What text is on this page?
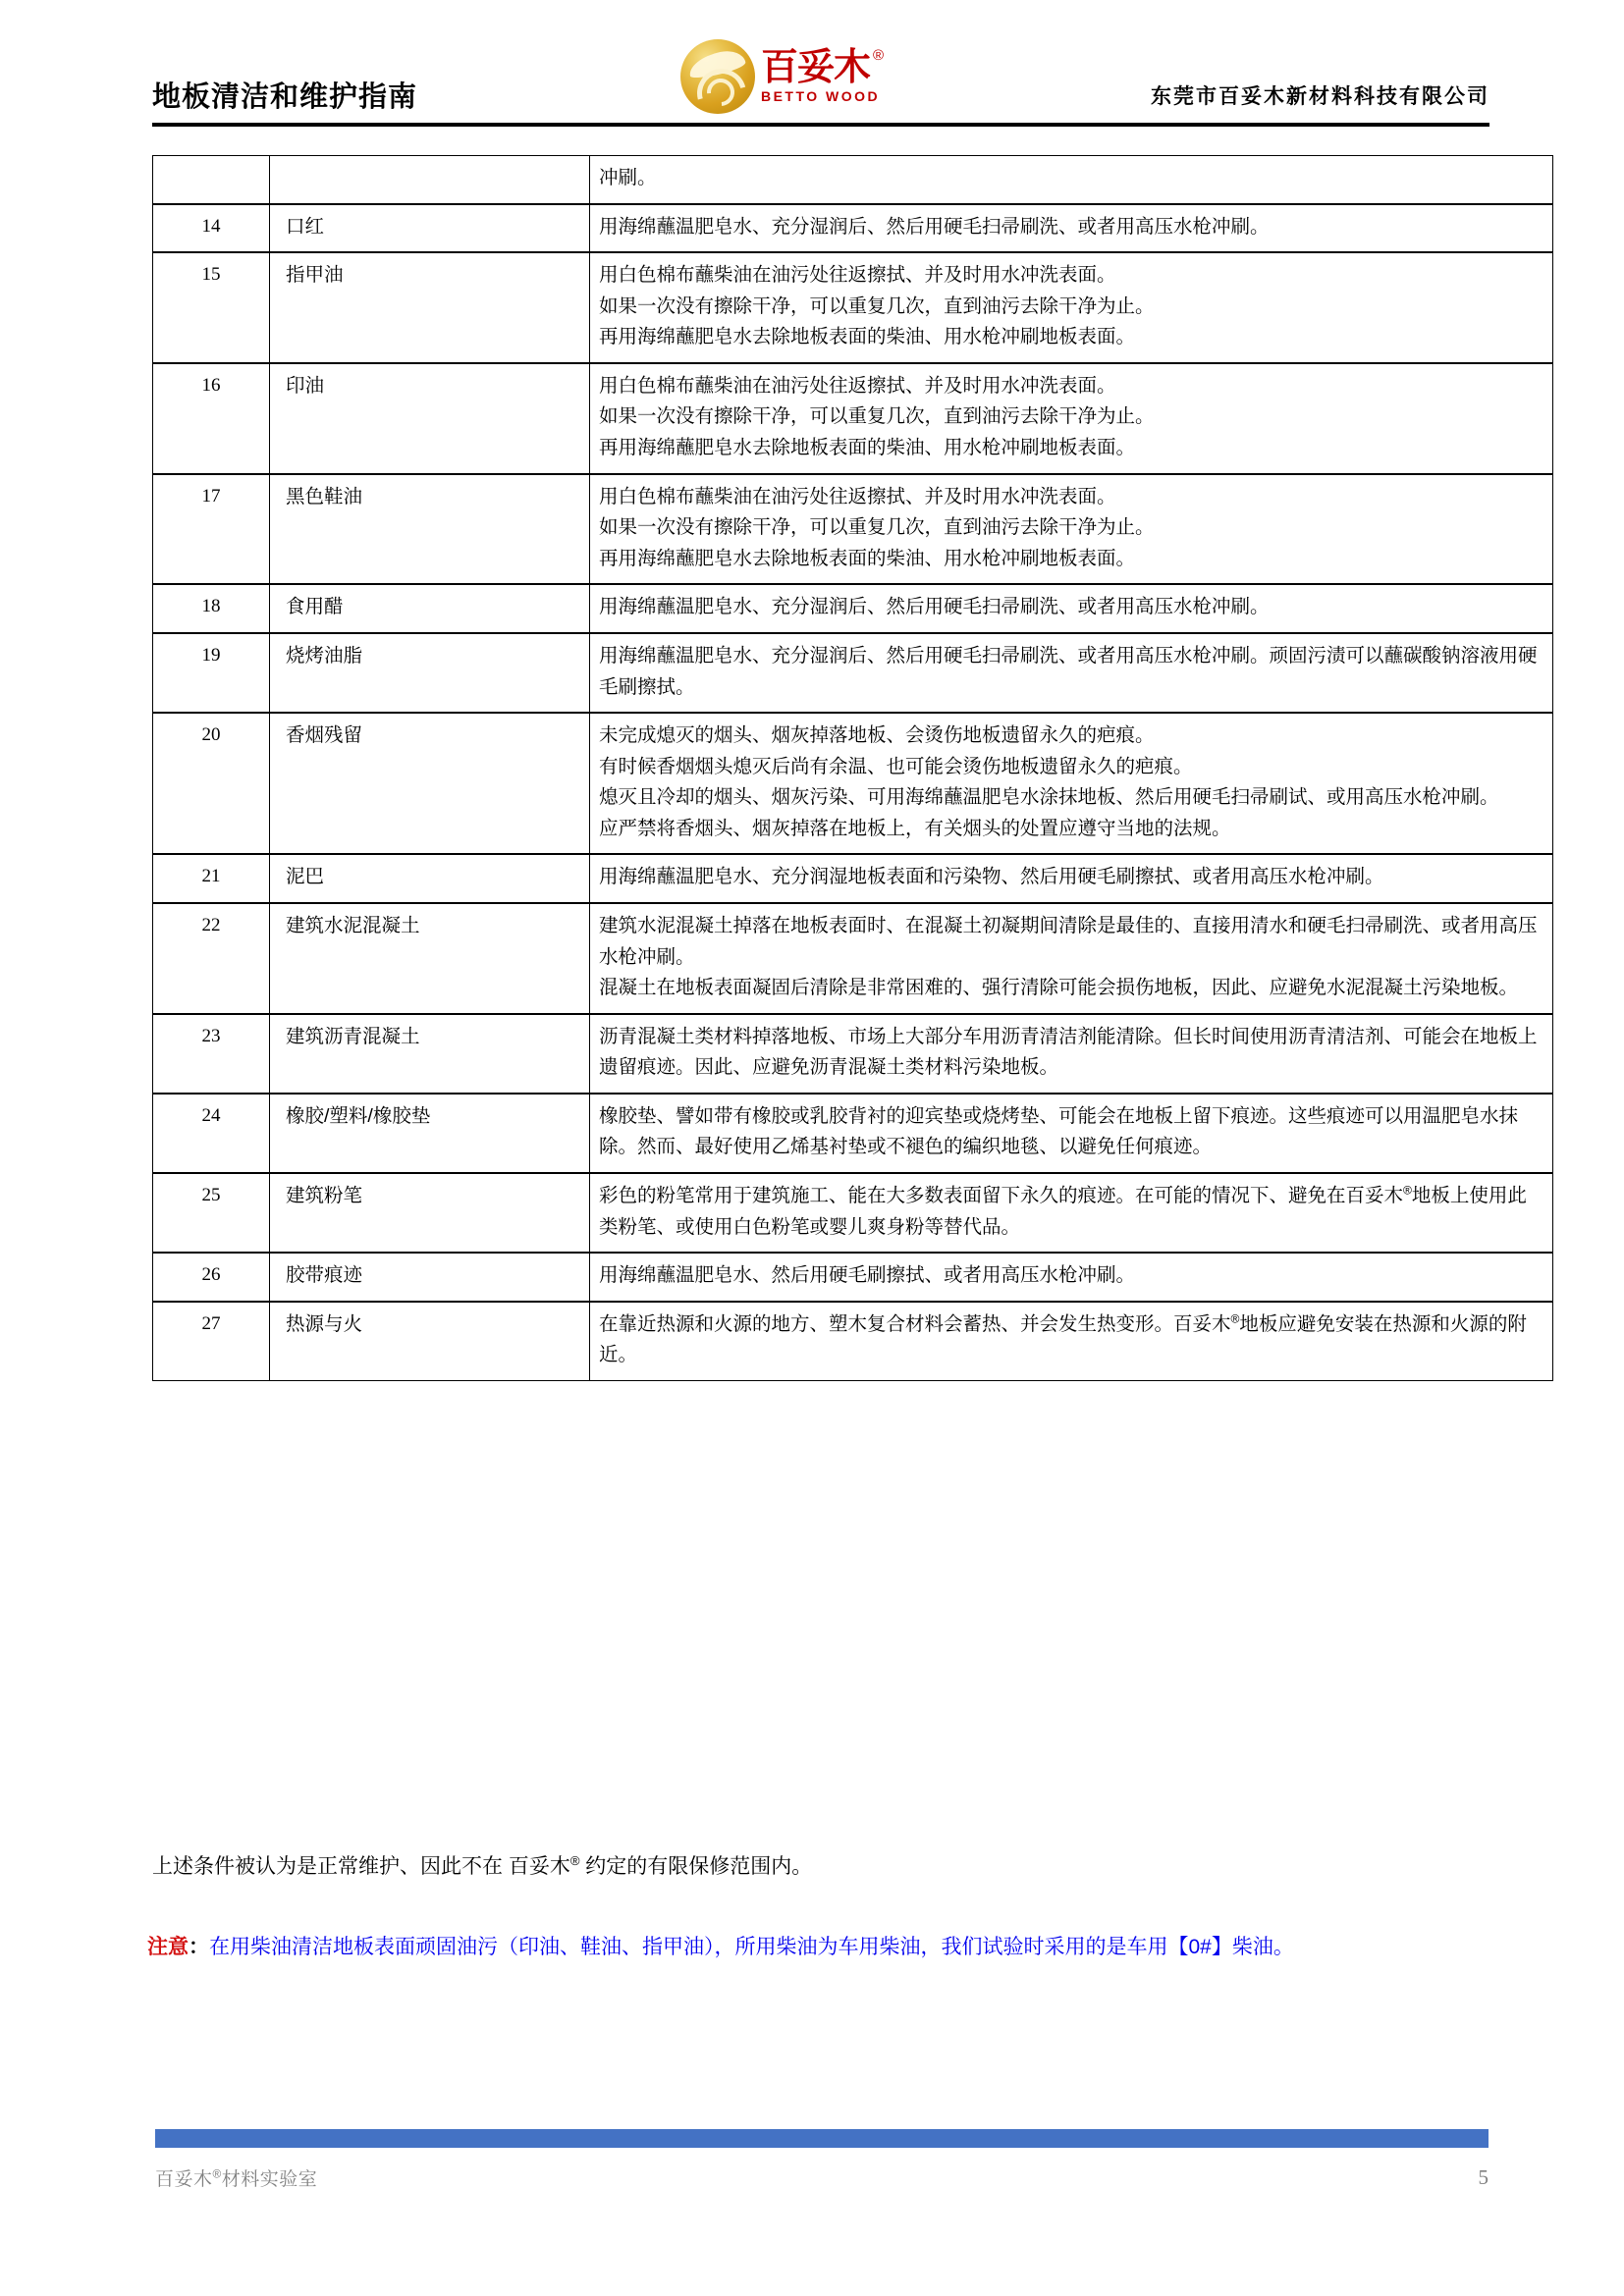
地板清洁和维护指南
百妥木 ®
BETTO WOOD	东莞市百妥木新材料科技有限公司

		冲刷。

14	口红	用海绵蘸温肥皂水、充分湿润后、然后用硬毛扫帚刷洗、或者用高压水枪冲刷。

15	指甲油	用白色棉布蘸柴油在油污处往返擦拭、并及时用水冲洗表面。
如果一次没有擦除干净，可以重复几次，直到油污去除干净为止。
再用海绵蘸肥皂水去除地板表面的柴油、用水枪冲刷地板表面。

16	印油	用白色棉布蘸柴油在油污处往返擦拭、并及时用水冲洗表面。
如果一次没有擦除干净，可以重复几次，直到油污去除干净为止。
再用海绵蘸肥皂水去除地板表面的柴油、用水枪冲刷地板表面。

17	黑色鞋油	用白色棉布蘸柴油在油污处往返擦拭、并及时用水冲洗表面。
如果一次没有擦除干净，可以重复几次，直到油污去除干净为止。
再用海绵蘸肥皂水去除地板表面的柴油、用水枪冲刷地板表面。

18	食用醋	用海绵蘸温肥皂水、充分湿润后、然后用硬毛扫帚刷洗、或者用高压水枪冲刷。

19	烧烤油脂	用海绵蘸温肥皂水、充分湿润后、然后用硬毛扫帚刷洗、或者用高压水枪冲刷。顽固污渍可以蘸碳酸钠溶液用硬毛刷擦拭。

20	香烟残留	未完成熄灭的烟头、烟灰掉落地板、会烫伤地板遗留永久的疤痕。
有时候香烟烟头熄灭后尚有余温、也可能会烫伤地板遗留永久的疤痕。
熄灭且冷却的烟头、烟灰污染、可用海绵蘸温肥皂水涂抹地板、然后用硬毛扫帚刷试、或用高压水枪冲刷。
应严禁将香烟头、烟灰掉落在地板上，有关烟头的处置应遵守当地的法规。

21	泥巴	用海绵蘸温肥皂水、充分润湿地板表面和污染物、然后用硬毛刷擦拭、或者用高压水枪冲刷。

22	建筑水泥混凝土	建筑水泥混凝土掉落在地板表面时、在混凝土初凝期间清除是最佳的、直接用清水和硬毛扫帚刷洗、或者用高压水枪冲刷。
混凝土在地板表面凝固后清除是非常困难的、强行清除可能会损伤地板，因此、应避免水泥混凝土污染地板。

23	建筑沥青混凝土	沥青混凝土类材料掉落地板、市场上大部分车用沥青清洁剂能清除。但长时间使用沥青清洁剂、可能会在地板上遗留痕迹。因此、应避免沥青混凝土类材料污染地板。

24	橡胶/塑料/橡胶垫	橡胶垫、譬如带有橡胶或乳胶背衬的迎宾垫或烧烤垫、可能会在地板上留下痕迹。这些痕迹可以用温肥皂水抹除。然而、最好使用乙烯基衬垫或不褪色的编织地毯、以避免任何痕迹。

25	建筑粉笔	彩色的粉笔常用于建筑施工、能在大多数表面留下永久的痕迹。在可能的情况下、避免在百妥木®地板上使用此类粉笔、或使用白色粉笔或婴儿爽身粉等替代品。

26	胶带痕迹	用海绵蘸温肥皂水、然后用硬毛刷擦拭、或者用高压水枪冲刷。

27	热源与火	在靠近热源和火源的地方、塑木复合材料会蓄热、并会发生热变形。百妥木®地板应避免安装在热源和火源的附近。
上述条件被认为是正常维护、因此不在 百妥木® 约定的有限保修范围内。
注意：在用柴油清洁地板表面顽固油污（印油、鞋油、指甲油），所用柴油为车用柴油，我们试验时采用的是车用【0#】柴油。
百妥木®材料实验室	5
